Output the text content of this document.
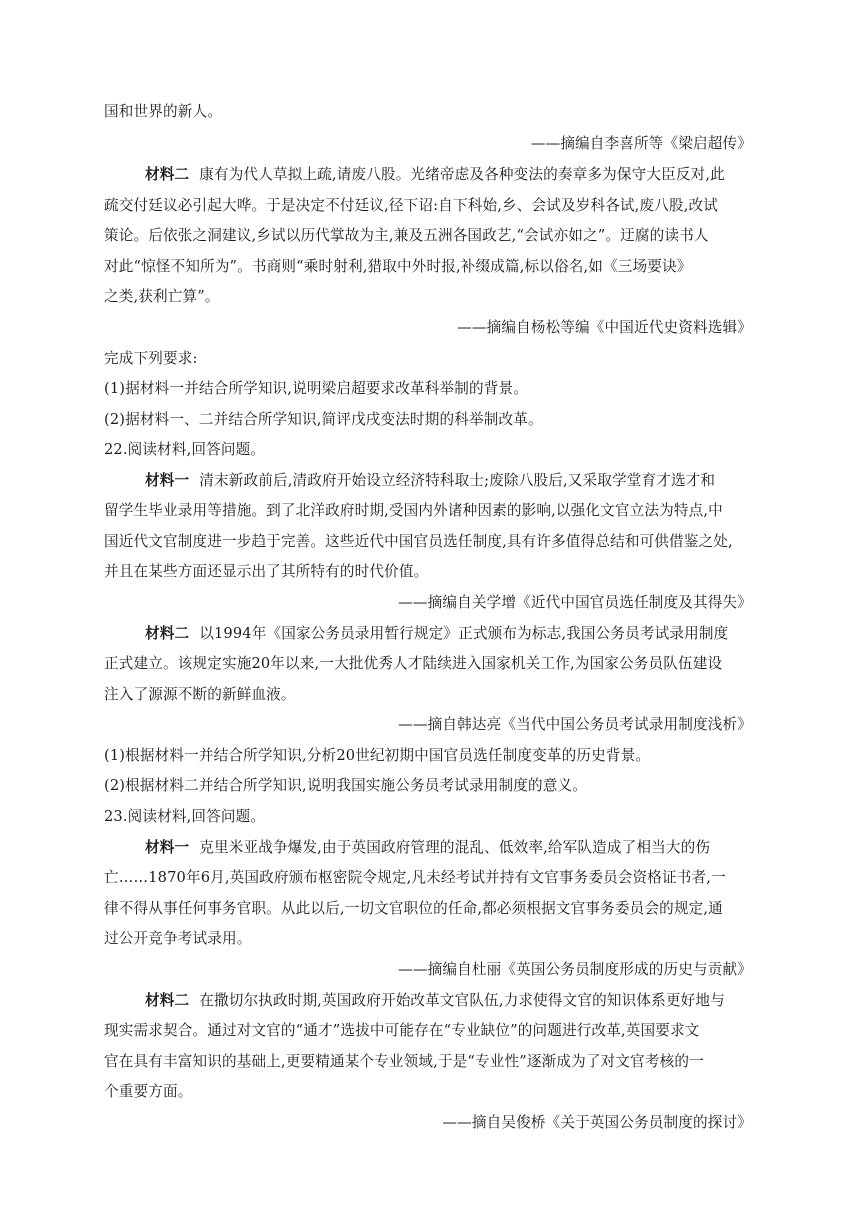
国和世界的新人。
——摘编自李喜所等《梁启超传》
材料二 康有为代人草拟上疏,请废八股。光绪帝虑及各种变法的奏章多为保守大臣反对,此
疏交付廷议必引起大哗。于是决定不付廷议,径下诏:自下科始,乡、会试及岁科各试,废八股,改试
策论。后依张之洞建议,乡试以历代掌故为主,兼及五洲各国政艺,“会试亦如之”。迂腐的读书人
对此“惊怪不知所为”。书商则“乘时射利,猎取中外时报,补缀成篇,标以俗名,如《三场要诀》
之类,获利亡算”。
——摘编自杨松等编《中国近代史资料选辑》
完成下列要求:
(1)据材料一并结合所学知识,说明梁启超要求改革科举制的背景。
(2)据材料一、二并结合所学知识,简评戊戌变法时期的科举制改革。
22.阅读材料,回答问题。
材料一 清末新政前后,清政府开始设立经济特科取士;废除八股后,又采取学堂育才选才和
留学生毕业录用等措施。到了北洋政府时期,受国内外诸种因素的影响,以强化文官立法为特点,中
国近代文官制度进一步趋于完善。这些近代中国官员选任制度,具有许多值得总结和可供借鉴之处,
并且在某些方面还显示出了其所特有的时代价值。
——摘编自关学增《近代中国官员选任制度及其得失》
材料二 以1994年《国家公务员录用暂行规定》正式颁布为标志,我国公务员考试录用制度
正式建立。该规定实施20年以来,一大批优秀人才陆续进入国家机关工作,为国家公务员队伍建设
注入了源源不断的新鲜血液。
——摘自韩达亮《当代中国公务员考试录用制度浅析》
(1)根据材料一并结合所学知识,分析20世纪初期中国官员选任制度变革的历史背景。
(2)根据材料二并结合所学知识,说明我国实施公务员考试录用制度的意义。
23.阅读材料,回答问题。
材料一 克里米亚战争爆发,由于英国政府管理的混乱、低效率,给军队造成了相当大的伤
亡……1870年6月,英国政府颁布枢密院令规定,凡未经考试并持有文官事务委员会资格证书者,一
律不得从事任何事务官职。从此以后,一切文官职位的任命,都必须根据文官事务委员会的规定,通
过公开竞争考试录用。
——摘编自杜丽《英国公务员制度形成的历史与贡献》
材料二 在撒切尔执政时期,英国政府开始改革文官队伍,力求使得文官的知识体系更好地与
现实需求契合。通过对文官的“通才”选拔中可能存在“专业缺位”的问题进行改革,英国要求文
官在具有丰富知识的基础上,更要精通某个专业领域,于是“专业性”逐渐成为了对文官考核的一
个重要方面。
——摘自吴俊桥《关于英国公务员制度的探讨》
